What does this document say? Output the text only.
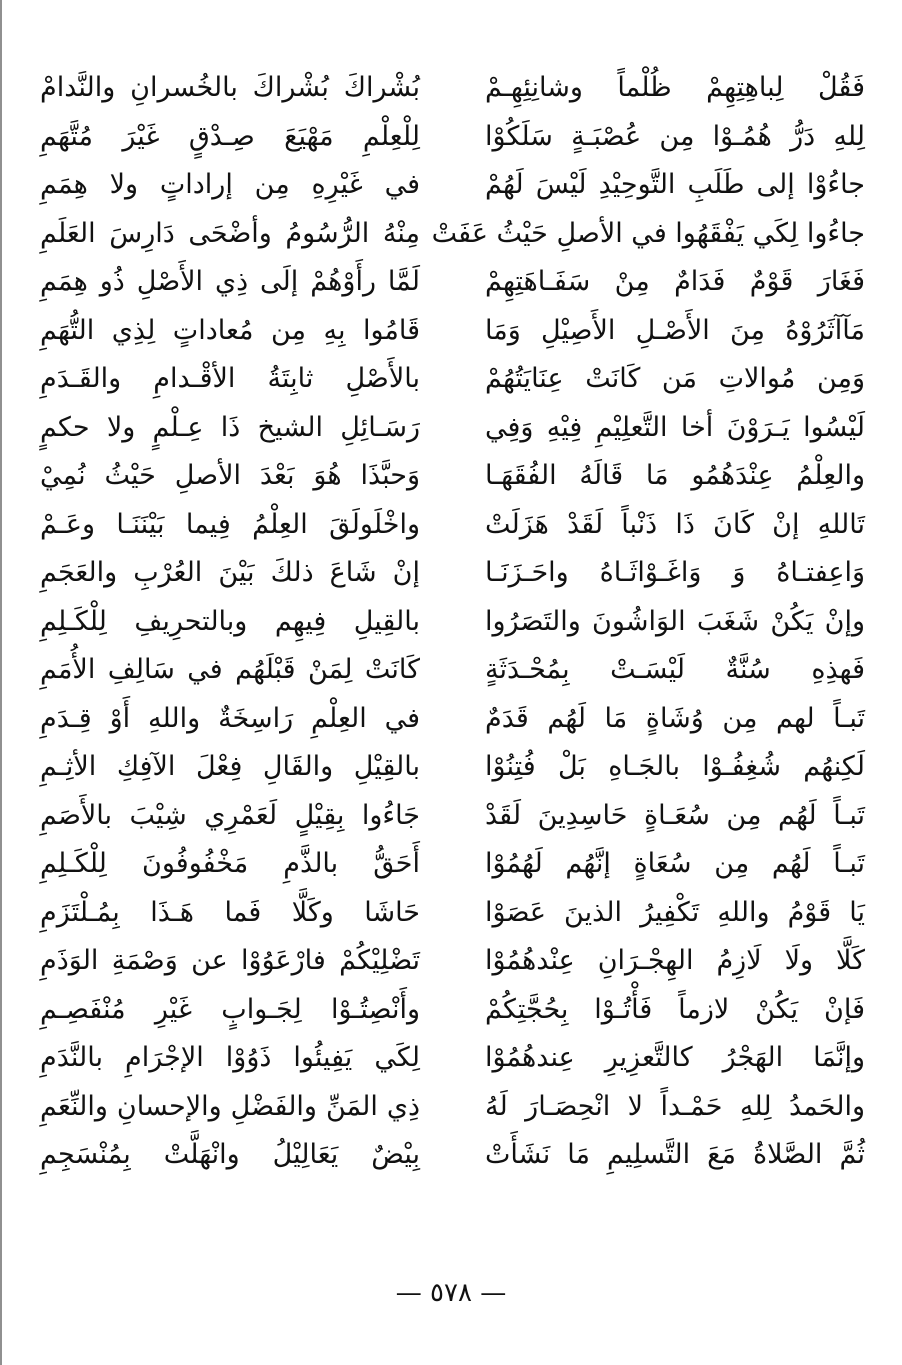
فَقُلْ لِباهِتِهِمْ ظُلْماً وشانِئِهِـمْ
بُشْراكَ بُشْراكَ بالخُسرانِ والنَّدامْ
لِلهِ دَرُّ هُمُـوْا مِن عُصْبَـةٍ سَلَكُوْا
لِلْعِلْمِ مَهْيَعَ صِـدْقٍ غَيْرَ مُتَّهَمِ
جاءُوْا إلى طَلَبِ التَّوحِيْدِ لَيْسَ لَهُمْ
في غَيْرِهِ مِن إراداتٍ ولا هِمَمِ
جاءُوا لِكَي يَفْقَهُوا في الأصلِ حَيْثُ عَفَتْ
مِنْهُ الرُّسُومُ وأضْحَى دَارِسَ العَلَمِ
فَغَارَ قَوْمٌ فَدَامٌ مِنْ سَفَـاهَتِهِمْ
لَمَّا رأَوْهُمْ إلَى ذِي الأَصْلِ ذُو هِمَمِ
مَآآثَرُوْهُ مِنَ الأَصْـلِ الأَصِيْلِ وَمَا
قَامُوا بِهِ مِن مُعاداتٍ لِذِي التُّهَمِ
وَمِن مُوالاتِ مَن كَانَتْ عِنَايَتُهُمْ
بالأَصْلِ ثابِتَةُ الأقْـدامِ والقَـدَمِ
لَيْسُوا يَـرَوْنَ أخا التَّعلِيْمِ فِيْهِ وَفِي
رَسَـائِلِ الشيخ ذَا عِـلْمٍ ولا حكمٍ
والعِلْمُ عِنْدَهُمُو مَا قَالَهُ الفُقَهَـا
وَحبَّذَا هُوَ بَعْدَ الأصلِ حَيْثُ نُمِيْ
تَاللهِ إنْ كَانَ ذَا ذَنْباً لَقَدْ هَزَلَتْ
واخْلَولَقَ العِلْمُ فِيما بَيْنَنَـا وعَـمْ
وَاعِفتـاهُ وَ وَاغَـوْاثَـاهُ واحَـزَنَـا
إنْ شَاعَ ذلكَ بَيْنَ العُرْبِ والعَجَمِ
وإنْ يَكُنْ شَغَبَ الوَاشُونَ والتَصَرُوا
بالقِيلِ فِيهِم وبالتحرِيفِ لِلْكَـلِمِ
فَهذِهِ سُنَّةٌ لَيْسَـتْ بِمُحْـدَثَةٍ
كَانَتْ لِمَنْ قَبْلَهُم في سَالِفِ الأُمَمِ
تَبـاً لهم مِن وُشَاةٍ مَا لَهُم قَدَمٌ
في العِلْمِ رَاسِخَةٌ واللهِ أَوْ قِـدَمِ
لَكِنهُم شُغِفُـوْا بالجَـاهِ بَلْ فُتِنُوْا
بالقِيْلِ والقَالِ فِعْلَ الآفِكِ الأثِـمِ
تَبـاً لَهُم مِن سُعَـاةٍ حَاسِدِينَ لَقَدْ
جَاءُوا بِقِيْلٍ لَعَمْرِي شِيْبَ بالأَصَمِ
تَبـاً لَهُم مِن سُعَاةٍ إنَّهُم لَهُمُوْا
أَحَقُّ بالذَّمِ مَخْفُوفُونَ لِلْكَـلِمِ
يَا قَوْمُ واللهِ تَكْفِيرُ الذينَ عَصَوْا
حَاشَا وكَلَّا فَما هَـذَا بِمُـلْتَزَمِ
كَلَّا ولَا لَازِمُ الهِجْـرَانِ عِنْدهُمُوْا
تَضْلِيْكُمْ فارْعَوُوْا عن وَصْمَةِ الوَذَمِ
فَإنْ يَكُنْ لازماً فَأْتُـوْا بِحُجَّتِكُمْ
وأَنْصِتُـوْا لِجَـوابٍ غَيْرِ مُنْفَصِـمِ
وإنَّمَا الهَجْرُ كالتَّعزِيرِ عِندهُمُوْا
لِكَي يَفِيئُوا ذَوُوْا الإجْرَامِ بالنَّدَمِ
والحَمدُ لِلهِ حَمْـداً لا انْحِصَـارَ لَهُ
ذِي المَنِّ والفَضْلِ والإحسانِ والنِّعَمِ
ثُمَّ الصَّلاةُ مَعَ التَّسلِيمِ مَا نَشَأَتْ
بِيْضٌ يَعَالِيْلُ وانْهَلَّتْ بِمُنْسَجِمِ
— ٥٧٨ —
